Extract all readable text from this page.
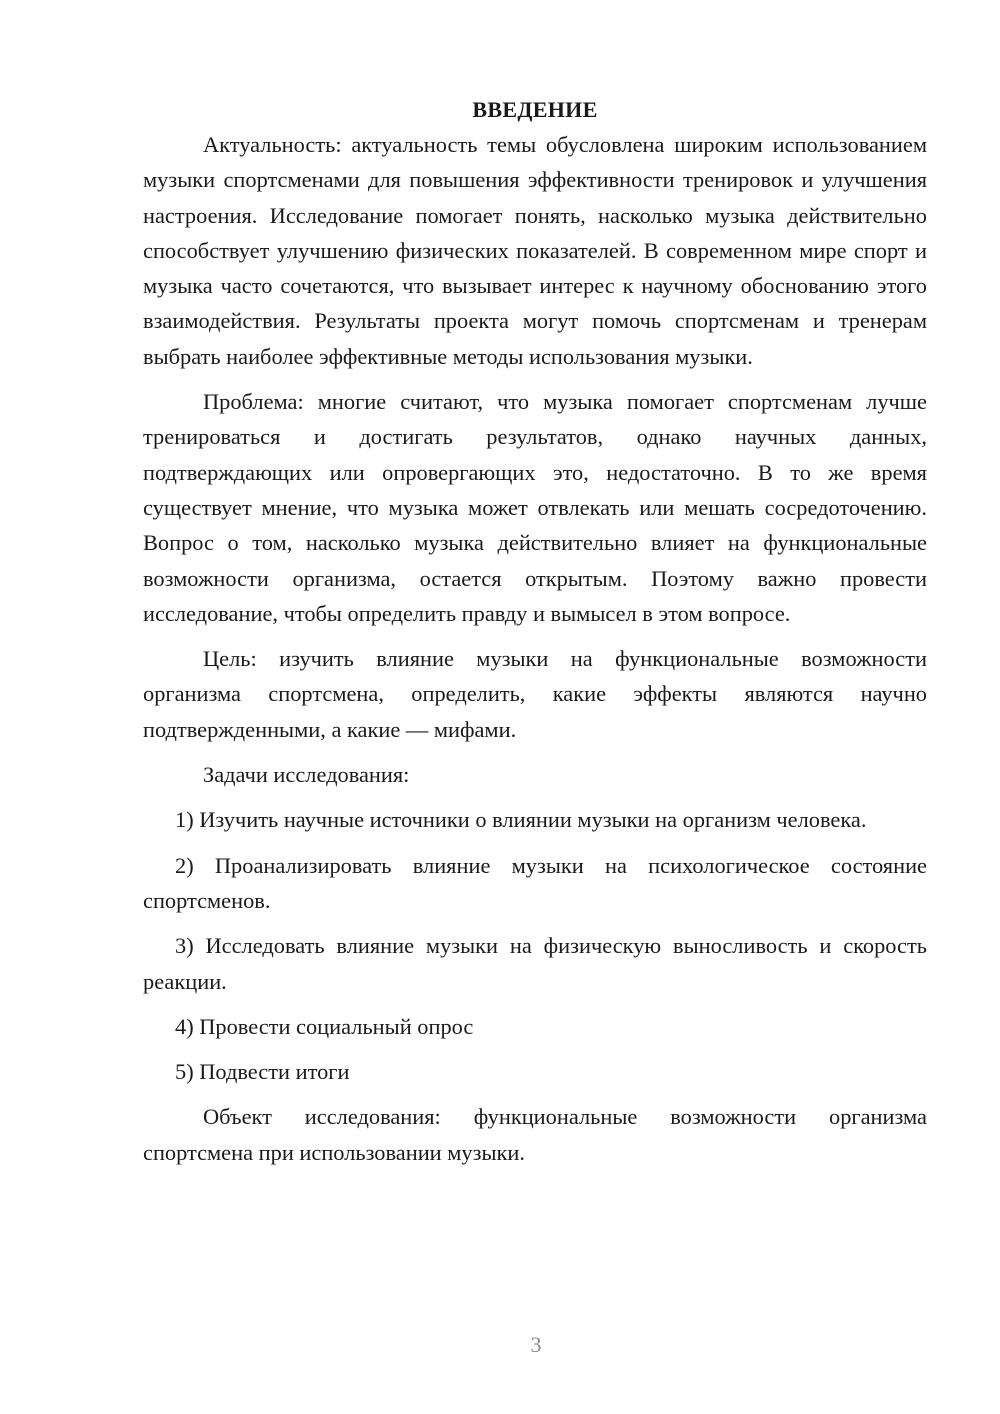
ВВЕДЕНИЕ

Актуальность: актуальность темы обусловлена широким использованием музыки спортсменами для повышения эффективности тренировок и улучшения настроения. Исследование помогает понять, насколько музыка действительно способствует улучшению физических показателей. В современном мире спорт и музыка часто сочетаются, что вызывает интерес к научному обоснованию этого взаимодействия. Результаты проекта могут помочь спортсменам и тренерам выбрать наиболее эффективные методы использования музыки.

Проблема: многие считают, что музыка помогает спортсменам лучше тренироваться и достигать результатов, однако научных данных, подтверждающих или опровергающих это, недостаточно. В то же время существует мнение, что музыка может отвлекать или мешать сосредоточению. Вопрос о том, насколько музыка действительно влияет на функциональные возможности организма, остается открытым. Поэтому важно провести исследование, чтобы определить правду и вымысел в этом вопросе.

Цель: изучить влияние музыки на функциональные возможности организма спортсмена, определить, какие эффекты являются научно подтвержденными, а какие — мифами.

Задачи исследования:

1) Изучить научные источники о влиянии музыки на организм человека.

2) Проанализировать влияние музыки на психологическое состояние спортсменов.

3) Исследовать влияние музыки на физическую выносливость и скорость реакции.

4) Провести социальный опрос

5) Подвести итоги

Объект исследования: функциональные возможности организма спортсмена при использовании музыки.

3
